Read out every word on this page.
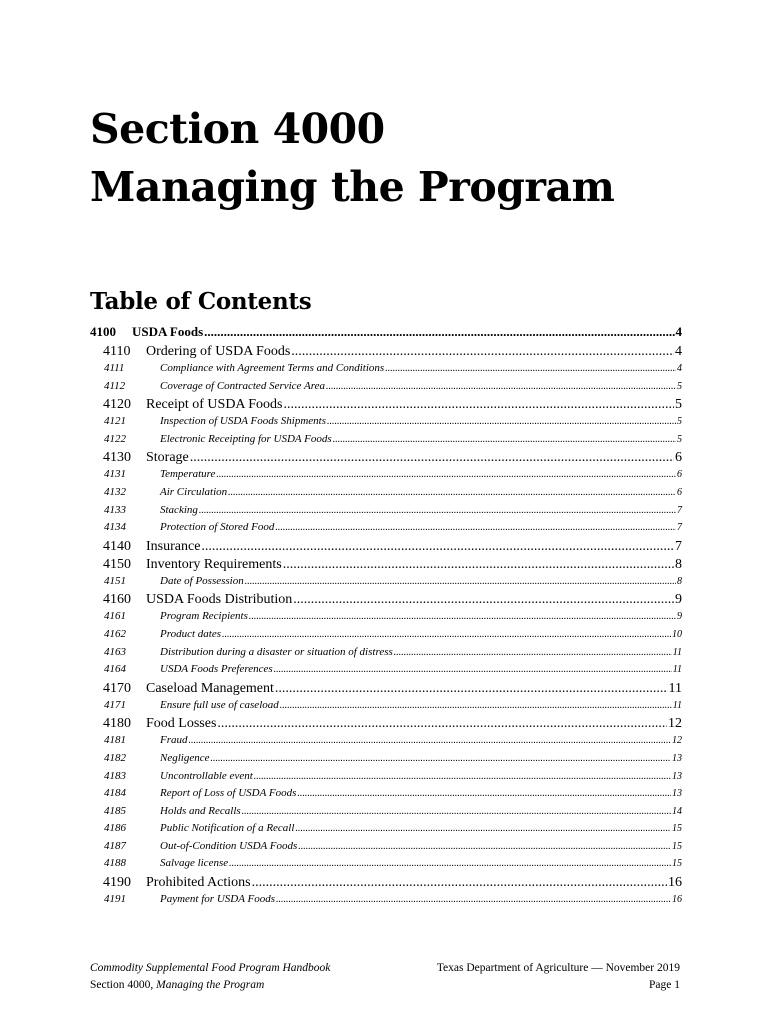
Section 4000
Managing the Program
Table of Contents
4100	USDA Foods .....	4
4110	Ordering of USDA Foods .....	4
4111	Compliance with Agreement Terms and Conditions .....	4
4112	Coverage of Contracted Service Area .....	5
4120	Receipt of USDA Foods .....	5
4121	Inspection of USDA Foods Shipments .....	5
4122	Electronic Receipting for USDA Foods .....	5
4130	Storage .....	6
4131	Temperature .....	6
4132	Air Circulation .....	6
4133	Stacking .....	7
4134	Protection of Stored Food .....	7
4140	Insurance .....	7
4150	Inventory Requirements .....	8
4151	Date of Possession .....	8
4160	USDA Foods Distribution .....	9
4161	Program Recipients .....	9
4162	Product dates .....	10
4163	Distribution during a disaster or situation of distress .....	11
4164	USDA Foods Preferences .....	11
4170	Caseload Management .....	11
4171	Ensure full use of caseload .....	11
4180	Food Losses .....	12
4181	Fraud .....	12
4182	Negligence .....	13
4183	Uncontrollable event .....	13
4184	Report of Loss of USDA Foods .....	13
4185	Holds and Recalls .....	14
4186	Public Notification of a Recall .....	15
4187	Out-of-Condition USDA Foods .....	15
4188	Salvage license .....	15
4190	Prohibited Actions .....	16
4191	Payment for USDA Foods .....	16
Commodity Supplemental Food Program Handbook
Section 4000, Managing the Program
Texas Department of Agriculture — November 2019
Page 1
